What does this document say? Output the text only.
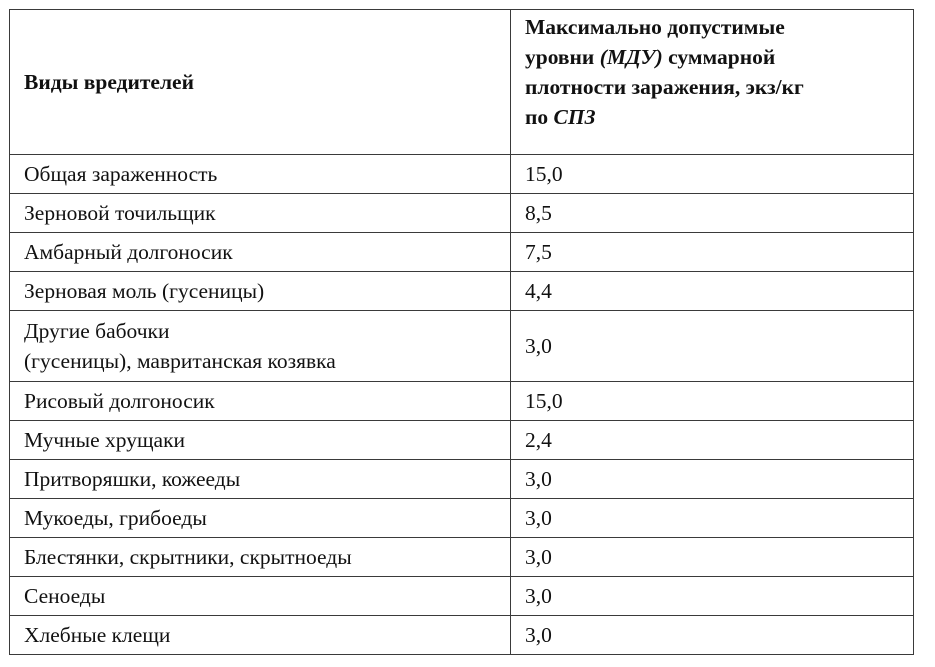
Виды вредителей	Максимально допустимые
уровни (МДУ) суммарной
плотности заражения, экз/кг
по СПЗ

Общая зараженность	15,0
Зерновой точильщик	8,5
Амбарный долгоносик	7,5
Зерновая моль (гусеницы)	4,4

Другие бабочки
(гусеницы), мавританская козявка	3,0
Рисовый долгоносик	15,0
Мучные хрущаки	2,4
Притворяшки, кожееды	3,0
Мукоеды, грибоеды	3,0
Блестянки, скрытники, скрытноеды	3,0
Сеноеды	3,0
Хлебные клещи	3,0
